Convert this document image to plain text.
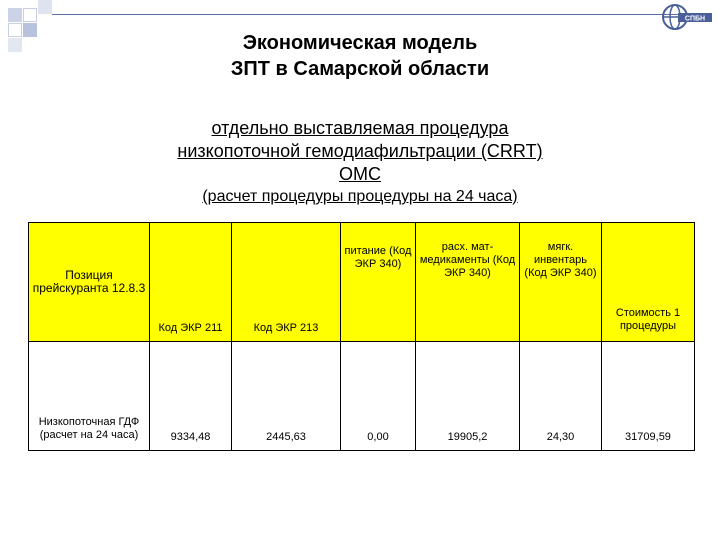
СПБН
Экономическая модель
ЗПТ в Самарской области
отдельно выставляемая процедура
низкопоточной гемодиафильтрации (CRRT)
ОМС
(расчет процедуры процедуры на 24 часа)
Позиция прейскуранта 12.8.3	Код ЭКР 211	Код ЭКР 213	питание (Код ЭКР 340)	расх. мат-медикаменты (Код ЭКР 340)	мягк. инвентарь (Код ЭКР 340)	Стоимость 1 процедуры
Низкопоточная ГДФ (расчет на 24 часа)	9334,48	2445,63	0,00	19905,2	24,30	31709,59
